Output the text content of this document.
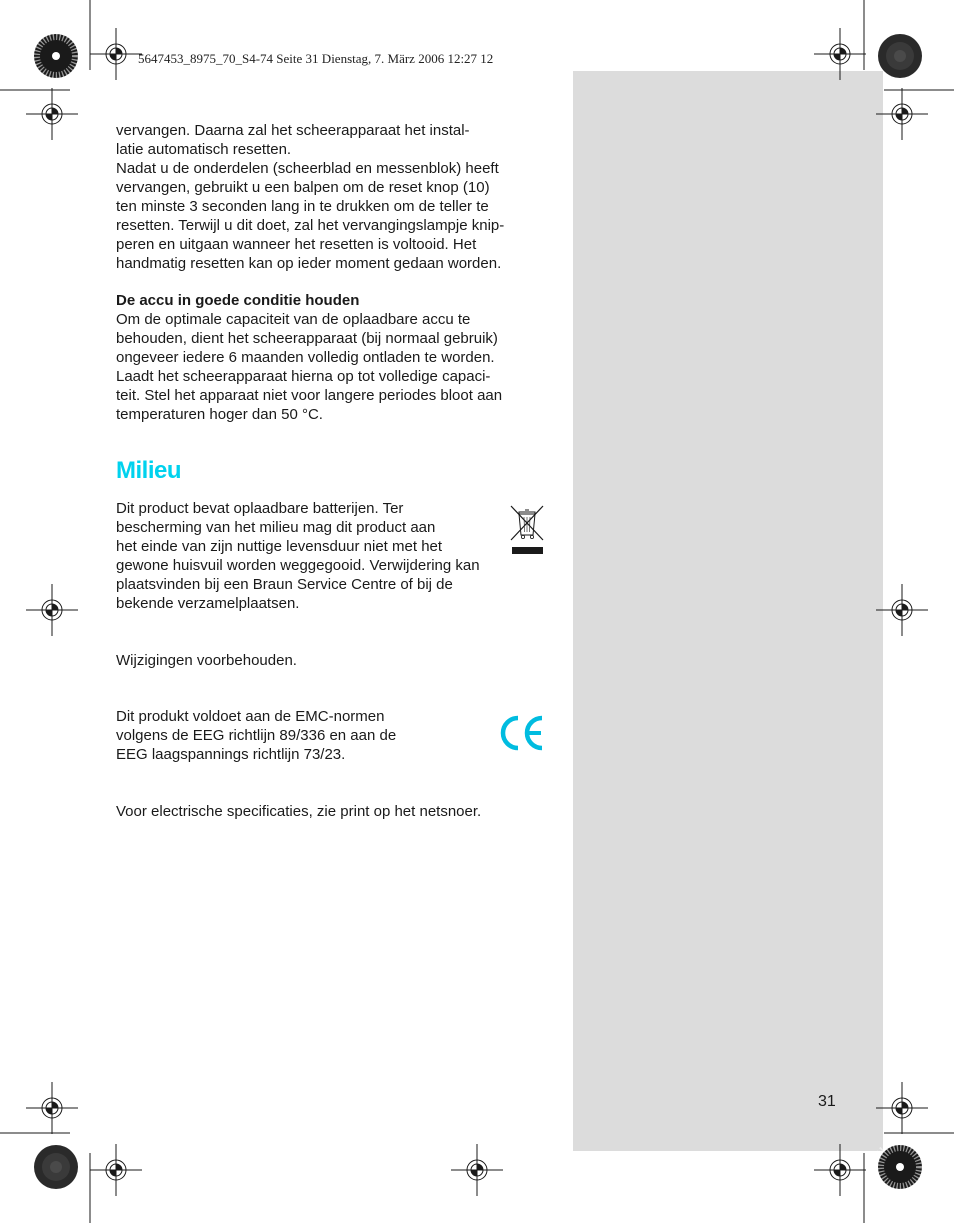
5647453_8975_70_S4-74 Seite 31 Dienstag, 7. März 2006 12:27 12

vervangen. Daarna zal het scheerapparaat het instal-

latie automatisch resetten.

Nadat u de onderdelen (scheerblad en messenblok) heeft

vervangen, gebruikt u een balpen om de reset knop (10)

ten minste 3 seconden lang in te drukken om de teller te

resetten. Terwijl u dit doet, zal het vervangingslampje knip-

peren en uitgaan wanneer het resetten is voltooid. Het

handmatig resetten kan op ieder moment gedaan worden.

De accu in goede conditie houden

Om de optimale capaciteit van de oplaadbare accu te

behouden, dient het scheerapparaat (bij normaal gebruik)

ongeveer iedere 6 maanden volledig ontladen te worden.

Laadt het scheerapparaat hierna op tot volledige capaci-

teit. Stel het apparaat niet voor langere periodes bloot aan

temperaturen hoger dan 50 °C.

Milieu

Dit product bevat oplaadbare batterijen. Ter

bescherming van het milieu mag dit product aan

het einde van zijn nuttige levensduur niet met het

gewone huisvuil worden weggegooid. Verwijdering kan

plaatsvinden bij een Braun Service Centre of bij de

bekende verzamelplaatsen.

Wijzigingen voorbehouden.

Dit produkt voldoet aan de EMC-normen

volgens de EEG richtlijn 89/336 en aan de

EEG laagspannings richtlijn 73/23.

Voor electrische specificaties, zie print op het netsnoer.
31
